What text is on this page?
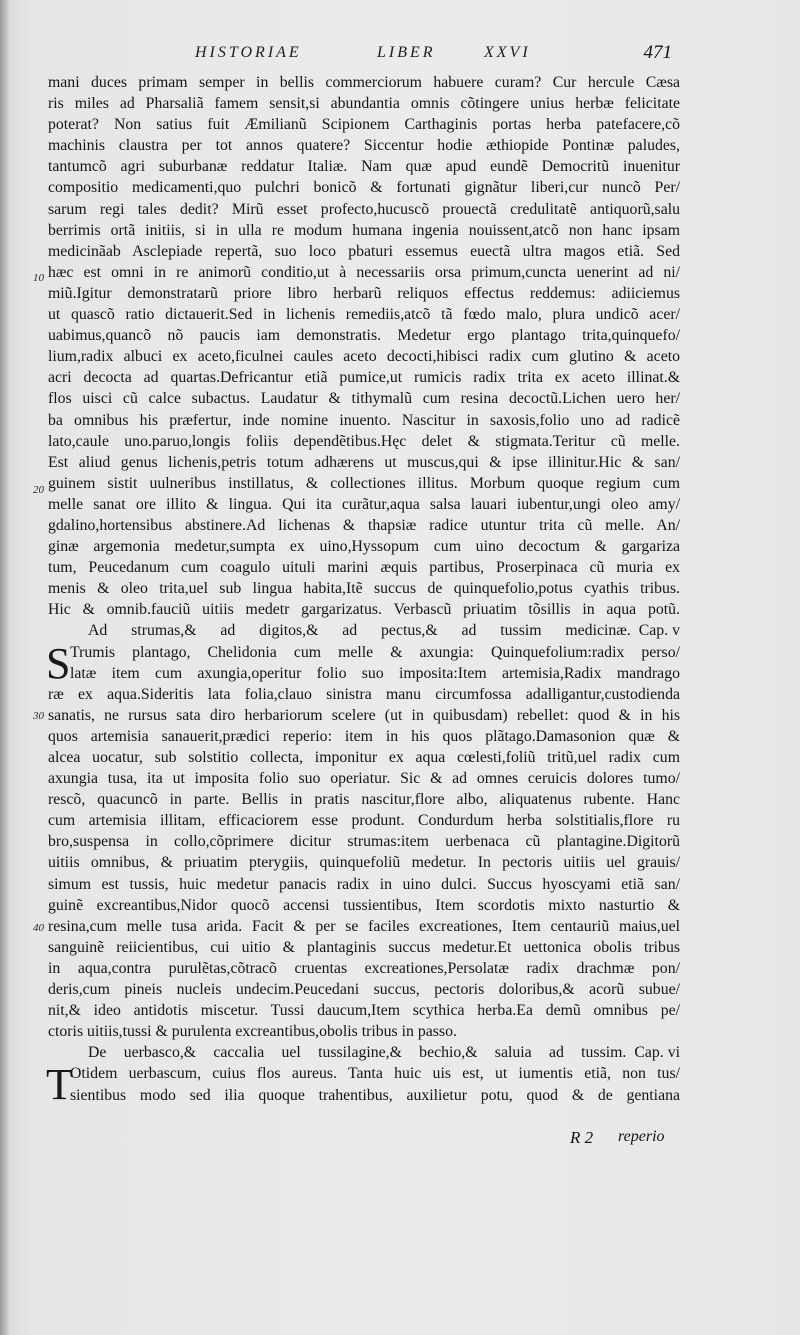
HISTORIAE	LIBER	XXVI	471
10
20
30
40
mani duces primam semper in bellis commerciorum habuere curam? Cur hercule Cæsa
ris miles ad Pharsaliã famem sensit,si abundantia omnis cõtingere unius herbæ felicitate
poterat? Non satius fuit Æmilianũ Scipionem Carthaginis portas herba patefacere,cõ
machinis claustra per tot annos quatere? Siccentur hodie æthiopide Pontinæ paludes,
tantumcõ agri suburbanæ reddatur Italiæ. Nam quæ apud eundẽ Democritũ inuenitur
compositio medicamenti,quo pulchri bonicõ & fortunati gignãtur liberi,cur nuncõ Per/
sarum regi tales dedit? Mirũ esset profecto,hucuscõ prouectã credulitatẽ antiquorũ,salu
berrimis ortã initiis, si in ulla re modum humana ingenia nouissent,atcõ non hanc ipsam
medicinãab Asclepiade repertã, suo loco pbaturi essemus euectã ultra magos etiã. Sed
hæc est omni in re animorũ conditio,ut à necessariis orsa primum,cuncta uenerint ad ni/
miũ.Igitur demonstratarũ priore libro herbarũ reliquos effectus reddemus: adiiciemus
ut quascõ ratio dictauerit.Sed in lichenis remediis,atcõ tã fœdo malo, plura undicõ acer/
uabimus,quancõ nõ paucis iam demonstratis. Medetur ergo plantago trita,quinquefo/
lium,radix albuci ex aceto,ficulnei caules aceto decocti,hibisci radix cum glutino & aceto
acri decocta ad quartas.Defricantur etiã pumice,ut rumicis radix trita ex aceto illinat.&
flos uisci cũ calce subactus. Laudatur & tithymalũ cum resina decoctũ.Lichen uero her/
ba omnibus his præfertur, inde nomine inuento. Nascitur in saxosis,folio uno ad radicẽ
lato,caule uno.paruo,longis foliis dependẽtibus.Hęc delet & stigmata.Teritur cũ melle.
Est aliud genus lichenis,petris totum adhærens ut muscus,qui & ipse illinitur.Hic & san/
guinem sistit uulneribus instillatus, & collectiones illitus. Morbum quoque regium cum
melle sanat ore illito & lingua. Qui ita curãtur,aqua salsa lauari iubentur,ungi oleo amy/
gdalino,hortensibus abstinere.Ad lichenas & thapsiæ radice utuntur trita cũ melle. An/
ginæ argemonia medetur,sumpta ex uino,Hyssopum cum uino decoctum & gargariza
tum, Peucedanum cum coagulo uituli marini æquis partibus, Proserpinaca cũ muria ex
menis & oleo trita,uel sub lingua habita,Itẽ succus de quinquefolio,potus cyathis tribus.
Hic & omnib.fauciũ uitiis medetr gargarizatus. Verbascũ priuatim tõsillis in aqua potũ.
Cap. v
Ad strumas,& ad digitos,& ad pectus,& ad tussim medicinæ.
S Trumis plantago, Chelidonia cum melle & axungia: Quinquefolium:radix perso/
latæ item cum axungia,operitur folio suo imposita:Item artemisia,Radix mandrago
ræ ex aqua.Sideritis lata folia,clauo sinistra manu circumfossa adalligantur,custodienda
sanatis, ne rursus sata diro herbariorum scelere (ut in quibusdam) rebellet: quod & in his
quos artemisia sanauerit,prædici reperio: item in his quos plãtago.Damasonion quæ &
alcea uocatur, sub solstitio collecta, imponitur ex aqua cœlesti,foliũ tritũ,uel radix cum
axungia tusa, ita ut imposita folio suo operiatur. Sic & ad omnes ceruicis dolores tumo/
rescõ, quacuncõ in parte. Bellis in pratis nascitur,flore albo, aliquatenus rubente. Hanc
cum artemisia illitam, efficaciorem esse produnt. Condurdum herba solstitialis,flore ru
bro,suspensa in collo,cõprimere dicitur strumas:item uerbenaca cũ plantagine.Digitorũ
uitiis omnibus, & priuatim pterygiis, quinquefoliũ medetur. In pectoris uitiis uel grauis/
simum est tussis, huic medetur panacis radix in uino dulci. Succus hyoscyami etiã san/
guinẽ excreantibus,Nidor quocõ accensi tussientibus, Item scordotis mixto nasturtio &
resina,cum melle tusa arida. Facit & per se faciles excreationes, Item centauriũ maius,uel
sanguinẽ reiicientibus, cui uitio & plantaginis succus medetur.Et uettonica obolis tribus
in aqua,contra purulẽtas,cõtracõ cruentas excreationes,Persolatæ radix drachmæ pon/
deris,cum pineis nucleis undecim.Peucedani succus, pectoris doloribus,& acorũ subue/
nit,& ideo antidotis miscetur. Tussi daucum,Item scythica herba.Ea demũ omnibus pe/
ctoris uitiis,tussi & purulenta excreantibus,obolis tribus in passo.
Cap. vi
De uerbasco,& caccalia uel tussilagine,& bechio,& saluia ad tussim.
T
Otidem uerbascum, cuius flos aureus. Tanta huic uis est, ut iumentis etiã, non tus/
sientibus modo sed ilia quoque trahentibus, auxilietur potu, quod & de gentiana
R 2 reperio
